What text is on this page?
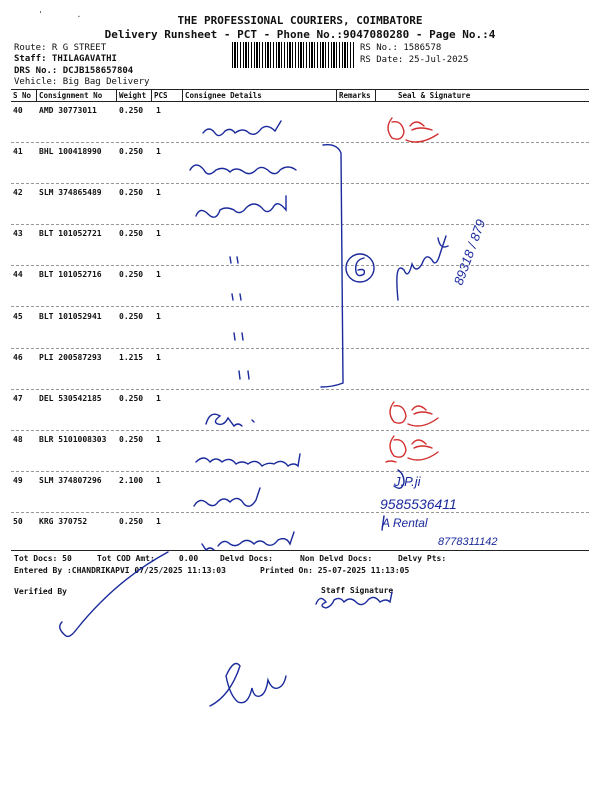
'       .	THE PROFESSIONAL COURIERS, COIMBATORE
Delivery Runsheet - PCT - Phone No.:9047080280 - Page No.:4
Route: R G STREET
Staff: THILAGAVATHI
DRS No.: DCJB158657804
Vehicle: Big Bag Delivery
RS No.: 1586578
RS Date: 25-Jul-2025
S No Consignment No Weight PCS Consignee Details	Remarks	Seal & Signature
40 AMD 30773011	0.250 1
41 BHL 100418990 0.250 1
42 SLM 374865489 0.250 1
43 BLT 101052721 0.250 1
44 BLT 101052716 0.250 1
45 BLT 101052941 0.250 1
46 PLI 200587293 1.215 1
47 DEL 530542185 0.250 1
48 BLR 5101008303 0.250 1
49 SLM 374807296 2.100 1
50 KRG 370752	0.250 1
Tot Docs: 50	Tot COD Amt:     0.00	Delvd Docs:	Non Delvd Docs:	Delvy Pts:
Entered By :CHANDRIKAPVI 07/25/2025 11:13:03	Printed On: 25-07-2025 11:13:05
Verified By	Staff Signature
89318 / 879
9585536411
8778311142
J.P.ji
A Rental
